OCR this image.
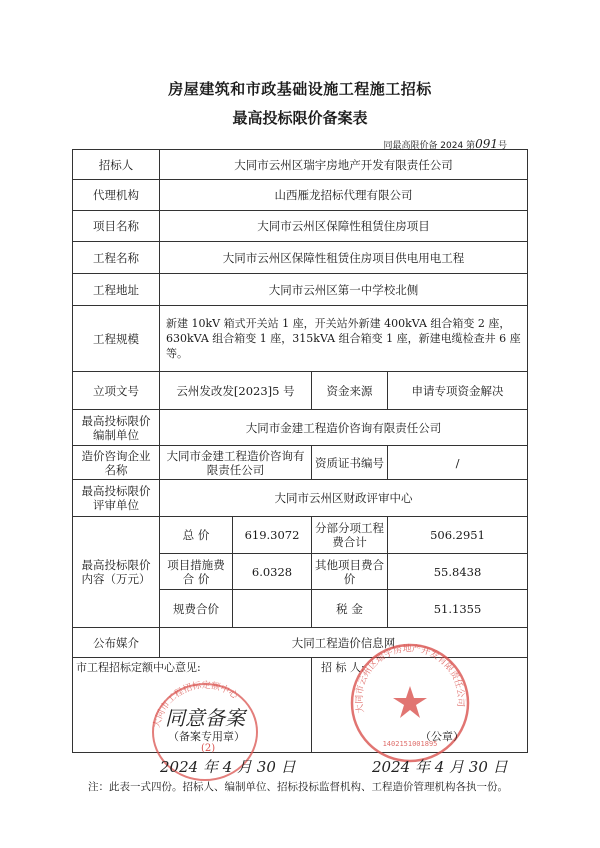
房屋建筑和市政基础设施工程施工招标
最高投标限价备案表
同最高限价备 2024 第091号
招标人	大同市云州区瑞宇房地产开发有限责任公司			
代理机构	山西雁龙招标代理有限公司			
项目名称	大同市云州区保障性租赁住房项目			
工程名称	大同市云州区保障性租赁住房项目供电用电工程			
工程地址	大同市云州区第一中学校北侧			
工程规模	新建 10kV 箱式开关站 1 座，开关站外新建 400kVA 组合箱变 2 座，630kVA 组合箱变 1 座，315kVA 组合箱变 1 座，新建电缆检查井 6 座等。			
立项文号	云州发改发[2023]5 号		资金来源	申请专项资金解决
最高投标限价编制单位	大同市金建工程造价咨询有限责任公司			
造价咨询企业名称	大同市金建工程造价咨询有限责任公司		资质证书编号	/
最高投标限价评审单位	大同市云州区财政评审中心			
最高投标限价内容（万元）	总 价	619.3072	分部分项工程费合计	506.2951
	项目措施费合 价	6.0328	其他项目费合 价	55.8438
	规费合价		税 金	51.1355
公布媒介	大同工程造价信息网			

市工程招标定额中心意见:			招 标 人:	
大同市工程招标定额中心
同意备案
（备案专用章）
(2)
2024 年 4 月 30 日
大同市云州区瑞宇房地产开发有限责任公司
1402151001895
（公章）
2024 年 4 月 30 日
注：此表一式四份。招标人、编制单位、招标投标监督机构、工程造价管理机构各执一份。
